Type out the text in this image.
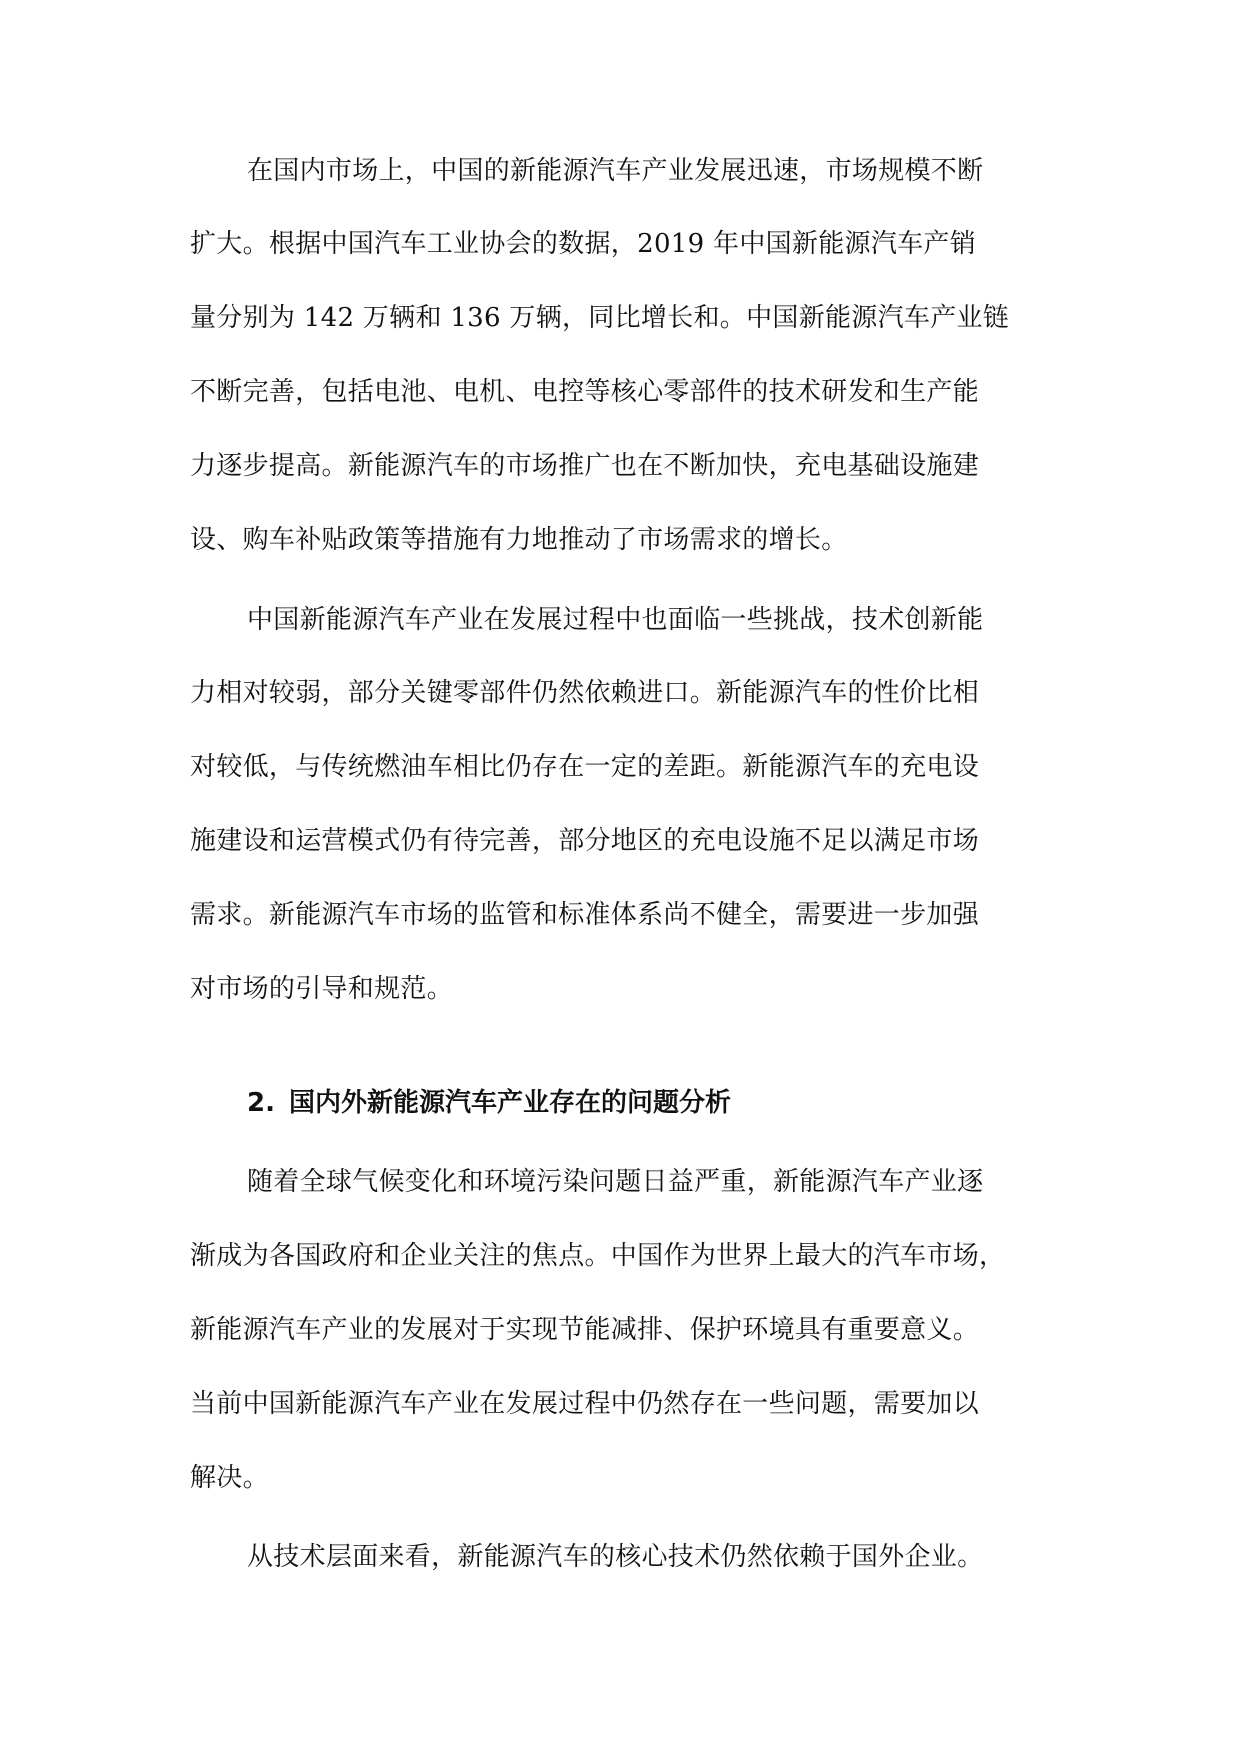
在国内市场上，中国的新能源汽车产业发展迅速，市场规模不断
扩大。根据中国汽车工业协会的数据，2019 年中国新能源汽车产销
量分别为 142 万辆和 136 万辆，同比增长和。中国新能源汽车产业链
不断完善，包括电池、电机、电控等核心零部件的技术研发和生产能
力逐步提高。新能源汽车的市场推广也在不断加快，充电基础设施建
设、购车补贴政策等措施有力地推动了市场需求的增长。
中国新能源汽车产业在发展过程中也面临一些挑战，技术创新能
力相对较弱，部分关键零部件仍然依赖进口。新能源汽车的性价比相
对较低，与传统燃油车相比仍存在一定的差距。新能源汽车的充电设
施建设和运营模式仍有待完善，部分地区的充电设施不足以满足市场
需求。新能源汽车市场的监管和标准体系尚不健全，需要进一步加强
对市场的引导和规范。
2. 国内外新能源汽车产业存在的问题分析
随着全球气候变化和环境污染问题日益严重，新能源汽车产业逐
渐成为各国政府和企业关注的焦点。中国作为世界上最大的汽车市场，
新能源汽车产业的发展对于实现节能减排、保护环境具有重要意义。
当前中国新能源汽车产业在发展过程中仍然存在一些问题，需要加以
解决。
从技术层面来看，新能源汽车的核心技术仍然依赖于国外企业。
